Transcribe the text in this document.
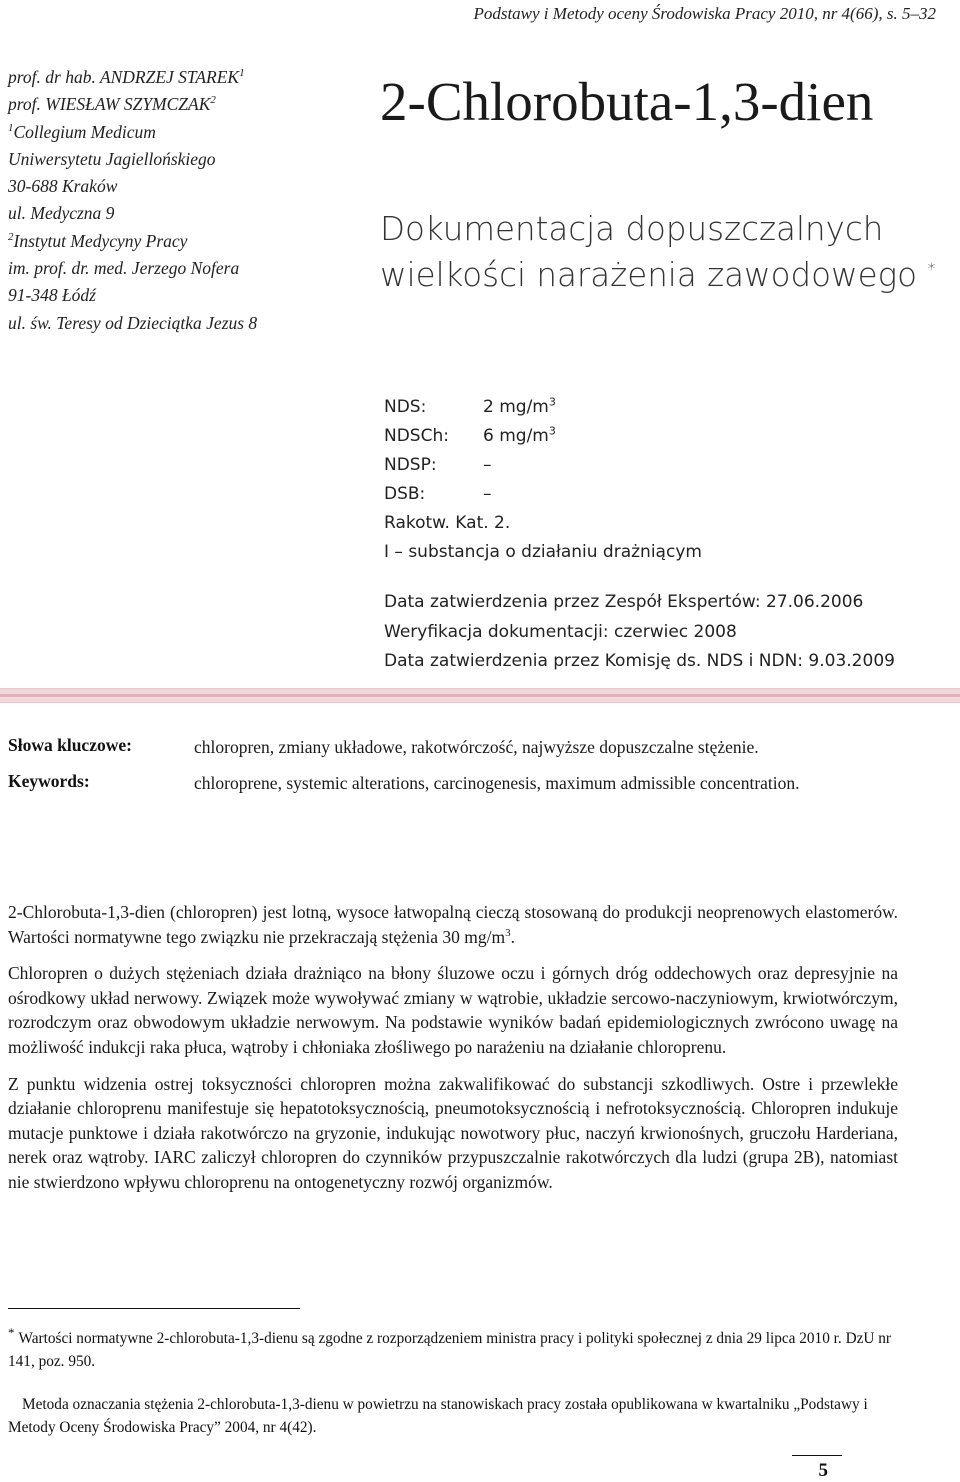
Podstawy i Metody oceny Środowiska Pracy 2010, nr 4(66), s. 5–32
prof. dr hab. ANDRZEJ STAREK$^1$
prof. WIESŁAW SZYMCZAK$^2$
$^1$Collegium Medicum
Uniwersytetu Jagiellońskiego
30-688 Kraków
ul. Medyczna 9
$^2$Instytut Medycyny Pracy
im. prof. dr. med. Jerzego Nofera
91-348 Łódź
ul. św. Teresy od Dzieciątka Jezus 8
2-Chlorobuta-1,3-dien
Dokumentacja dopuszczalnych
wielkości narażenia zawodowego *
NDS:	2 $mg/m^3$
NDSCh:	6 $mg/m^3$
NDSP:	–
DSB:	–
Rakotw. Kat. 2.
I – substancja o działaniu drażniącym
Data zatwierdzenia przez Zespół Ekspertów: 27.06.2006
Weryfikacja dokumentacji: czerwiec 2008
Data zatwierdzenia przez Komisję ds. NDS i NDN: 9.03.2009
Słowa kluczowe:	chloropren, zmiany układowe, rakotwórczość, najwyższe dopuszczalne stężenie.
Keywords:	chloroprene, systemic alterations, carcinogenesis, maximum admissible concentration.

2-Chlorobuta-1,3-dien (chloropren) jest lotną, wysoce łatwopalną cieczą stosowaną do produkcji neoprenowych elastomerów. Wartości normatywne tego związku nie przekraczają stężenia 30 $mg/m^3$.

Chloropren o dużych stężeniach działa drażniąco na błony śluzowe oczu i górnych dróg oddechowych oraz depresyjnie na ośrodkowy układ nerwowy. Związek może wywoływać zmiany w wątrobie, układzie sercowo-naczyniowym, krwiotwórczym, rozrodczym oraz obwodowym układzie nerwowym. Na podstawie wyników badań epidemiologicznych zwrócono uwagę na możliwość indukcji raka płuca, wątroby i chłoniaka złośliwego po narażeniu na działanie chloroprenu.

Z punktu widzenia ostrej toksyczności chloropren można zakwalifikować do substancji szkodliwych. Ostre i przewlekłe działanie chloroprenu manifestuje się hepatotoksycznością, pneumotoksycznością i nefrotoksycznością. Chloropren indukuje mutacje punktowe i działa rakotwórczo na gryzonie, indukując nowotwory płuc, naczyń krwionośnych, gruczołu Harderiana, nerek oraz wątroby. IARC zaliczył chloropren do czynników przypuszczalnie rakotwórczych dla ludzi (grupa 2B), natomiast nie stwierdzono wpływu chloroprenu na ontogenetyczny rozwój organizmów.

* Wartości normatywne 2-chlorobuta-1,3-dienu są zgodne z rozporządzeniem ministra pracy i polityki społecznej z dnia 29 lipca 2010 r. DzU nr 141, poz. 950.

Metoda oznaczania stężenia 2-chlorobuta-1,3-dienu w powietrzu na stanowiskach pracy została opublikowana w kwartalniku „Podstawy i Metody Oceny Środowiska Pracy” 2004, nr 4(42).

5
